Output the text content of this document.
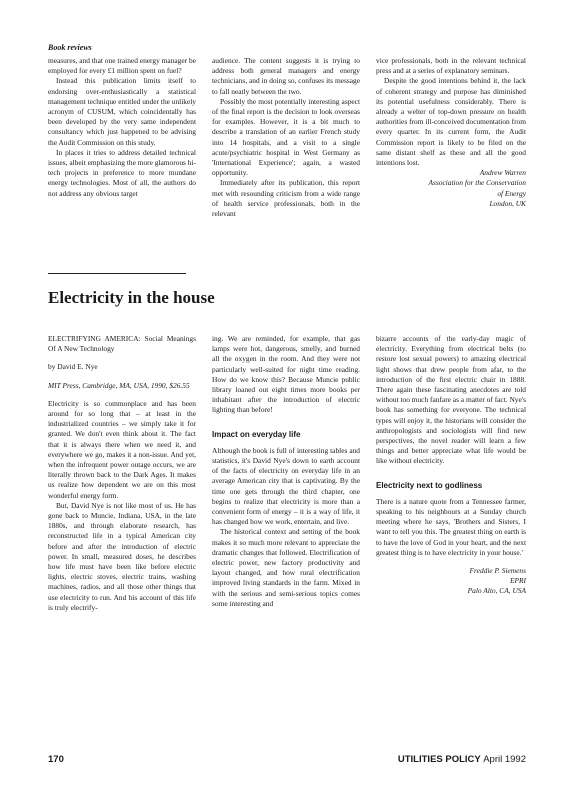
Book reviews

measures, and that one trained energy manager be employed for every £1 million spent on fuel?

Instead this publication limits itself to endorsing over-enthusiastically a statistical management technique entitled under the unlikely acronym of CUSUM, which coincidentally has been developed by the very same independent consultancy which just happened to be advising the Audit Commission on this study.

In places it tries to address detailed technical issues, albeit emphasizing the more glamorous hi-tech projects in preference to more mundane energy technologies. Most of all, the authors do not address any obvious target

audience. The content suggests it is trying to address both general managers and energy technicians, and in doing so, confuses its message to fall neatly between the two.

Possibly the most potentially interesting aspect of the final report is the decision to look overseas for examples. However, it is a bit much to describe a translation of an earlier French study into 14 hospitals, and a visit to a single acute/psychiatric hospital in West Germany as 'International Experience'; again, a wasted opportunity.

Immediately after its publication, this report met with resounding criticism from a wide range of health service professionals, both in the relevant

vice professionals, both in the relevant technical press and at a series of explanatory seminars.

Despite the good intentions behind it, the lack of coherent strategy and purpose has diminished its potential usefulness considerably. There is already a welter of top-down pressure on health authorities from ill-conceived documentation from every quarter. In its current form, the Audit Commission report is likely to be filed on the same distant shelf as these and all the good intentions lost.

Andrew Warren

Association for the Conservation

of Energy

London, UK

Electricity in the house

ELECTRIFYING AMERICA: Social Meanings Of A New Technology
by David E. Nye
MIT Press, Cambridge, MA, USA, 1990, $26.55

Electricity is so commonplace and has been around for so long that – at least in the industrialized countries – we simply take it for granted. We don't even think about it. The fact that it is always there when we need it, and everywhere we go, makes it a non-issue. And yet, when the infrequent power outage occurs, we are literally thrown back to the Dark Ages. It makes us realize how dependent we are on this most wonderful energy form.

But, David Nye is not like most of us. He has gone back to Muncie, Indiana, USA, in the late 1880s, and through elaborate research, has reconstructed life in a typical American city before and after the introduction of electric power. In small, measured doses, he describes how life must have been like before electric lights, electric stoves, electric trains, washing machines, radios, and all those other things that use electricity to run. And his account of this life is truly electrify-

ing. We are reminded, for example, that gas lamps were hot, dangerous, smelly, and burned all the oxygen in the room. And they were not particularly well-suited for night time reading. How do we know this? Because Muncie public library loaned out eight times more books per inhabitant after the introduction of electric lighting than before!

Impact on everyday life

Although the book is full of interesting tables and statistics, it's David Nye's down to earth account of the facts of electricity on everyday life in an average American city that is captivating. By the time one gets through the third chapter, one begins to realize that electricity is more than a convenient form of energy – it is a way of life, it has changed how we work, entertain, and live.

The historical context and setting of the book makes it so much more relevant to appreciate the dramatic changes that followed. Electrification of electric power, new factory productivity and layout changed, and how rural electrification improved living standards in the farm. Mixed in with the serious and semi-serious topics comes some interesting and

bizarre accounts of the early-day magic of electricity. Everything from electrical belts (to restore lost sexual powers) to amazing electrical light shows that drew people from afar, to the introduction of the first electric chair in 1888. There again these fascinating anecdotes are told without too much fanfare as a matter of fact. Nye's book has something for everyone. The technical types will enjoy it, the historians will consider the anthropologists and sociologists will find new perspectives, the novel reader will learn a few things and better appreciate what life would be like without electricity.

Electricity next to godliness

There is a nature quote from a Tennessee farmer, speaking to his neighbours at a Sunday church meeting where he says, 'Brothers and Sisters, I want to tell you this. The greatest thing on earth is to have the love of God in your heart, and the next greatest thing is to have electricity in your house.'

Freddie P. Siemens

EPRI

Palo Alto, CA, USA

170	UTILITIES POLICY April 1992
